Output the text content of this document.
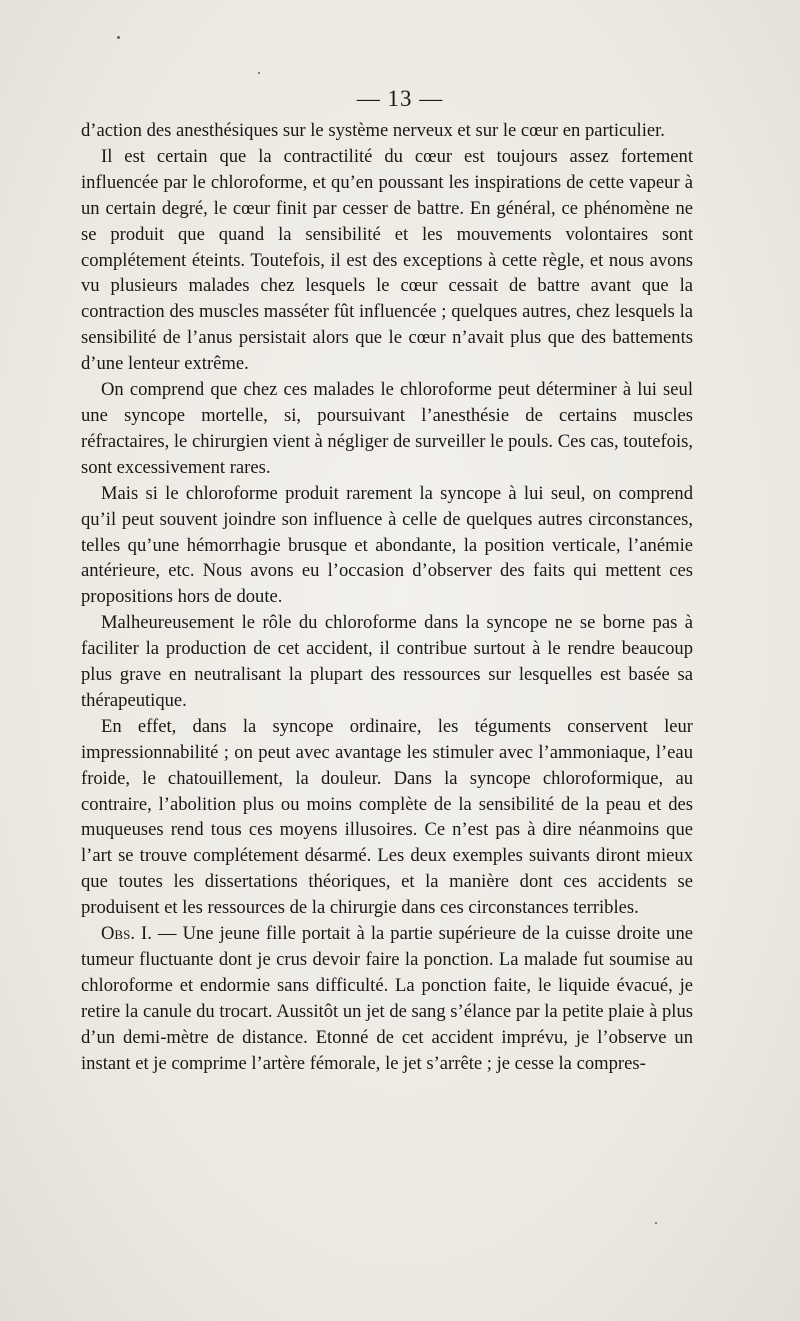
— 13 —

d’action des anesthésiques sur le système nerveux et sur le cœur en particulier.

Il est certain que la contractilité du cœur est toujours assez fortement influencée par le chloroforme, et qu’en poussant les inspirations de cette vapeur à un certain degré, le cœur finit par cesser de battre. En général, ce phénomène ne se produit que quand la sensibilité et les mouvements volontaires sont complétement éteints. Toutefois, il est des exceptions à cette règle, et nous avons vu plusieurs malades chez lesquels le cœur cessait de battre avant que la contraction des muscles masséter fût influencée ; quelques autres, chez lesquels la sensibilité de l’anus persistait alors que le cœur n’avait plus que des battements d’une lenteur extrême.

On comprend que chez ces malades le chloroforme peut déterminer à lui seul une syncope mortelle, si, poursuivant l’anesthésie de certains muscles réfractaires, le chirurgien vient à négliger de surveiller le pouls. Ces cas, toutefois, sont excessivement rares.

Mais si le chloroforme produit rarement la syncope à lui seul, on comprend qu’il peut souvent joindre son influence à celle de quelques autres circonstances, telles qu’une hémorrhagie brusque et abondante, la position verticale, l’anémie antérieure, etc. Nous avons eu l’occasion d’observer des faits qui mettent ces propositions hors de doute.

Malheureusement le rôle du chloroforme dans la syncope ne se borne pas à faciliter la production de cet accident, il contribue surtout à le rendre beaucoup plus grave en neutralisant la plupart des ressources sur lesquelles est basée sa thérapeutique.

En effet, dans la syncope ordinaire, les téguments conservent leur impressionnabilité ; on peut avec avantage les stimuler avec l’ammoniaque, l’eau froide, le chatouillement, la douleur. Dans la syncope chloroformique, au contraire, l’abolition plus ou moins complète de la sensibilité de la peau et des muqueuses rend tous ces moyens illusoires. Ce n’est pas à dire néanmoins que l’art se trouve complétement désarmé. Les deux exemples suivants diront mieux que toutes les dissertations théoriques, et la manière dont ces accidents se produisent et les ressources de la chirurgie dans ces circonstances terribles.

Obs. I. — Une jeune fille portait à la partie supérieure de la cuisse droite une tumeur fluctuante dont je crus devoir faire la ponction. La malade fut soumise au chloroforme et endormie sans difficulté. La ponction faite, le liquide évacué, je retire la canule du trocart. Aussitôt un jet de sang s’élance par la petite plaie à plus d’un demi-mètre de distance. Etonné de cet accident imprévu, je l’observe un instant et je comprime l’artère fémorale, le jet s’arrête ; je cesse la compres-
